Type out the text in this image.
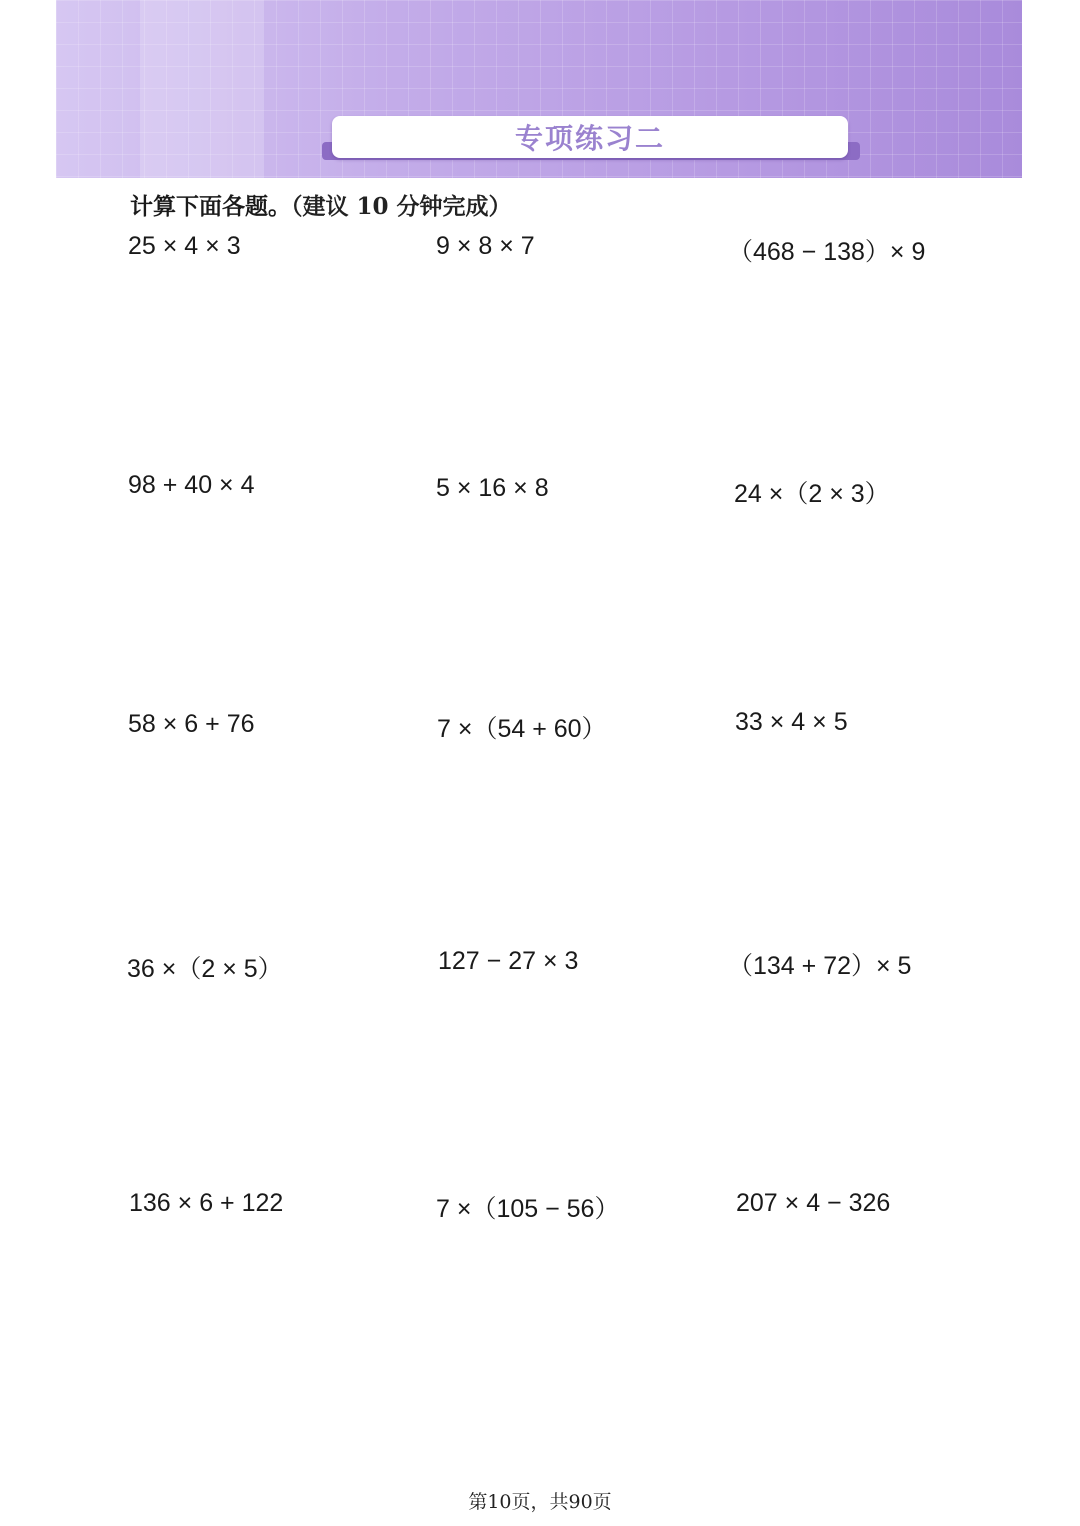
专项练习二
计算下面各题。（建议 10 分钟完成）
25 × 4 × 3	9 × 8 × 7	（468 − 138）× 9
98 + 40 × 4	5 × 16 × 8	24 ×（2 × 3）
58 × 6 + 76	7 ×（54 + 60）	33 × 4 × 5
36 ×（2 × 5）	127 − 27 × 3	（134 + 72）× 5
136 × 6 + 122	7 ×（105 − 56）	207 × 4 − 326
第10页，共90页
